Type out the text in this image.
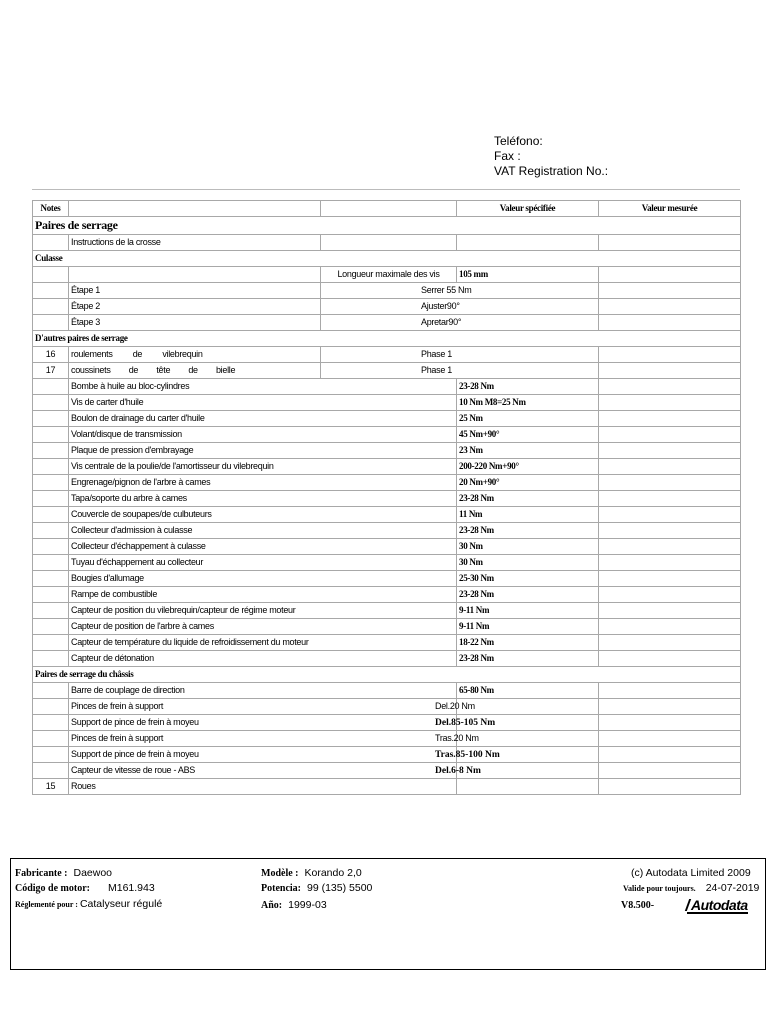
Teléfono:
Fax :
VAT Registration No.:
Notes			Valeur spécifiée	Valeur mesurée
Paires de serrage				
	Instructions de la crosse			
Culasse				
		Longueur maximale des vis	105 mm	
	Étape 1	Serrer 55 Nm		
	Étape 2	Ajuster90°		
	Étape 3	Apretar90°		
D'autres paires de serrage				
16	roulements de vilebrequin	Phase 1		
17	coussinets de tête de bielle	Phase 1		
	Bombe à huile au bloc-cylindres		23-28 Nm	
	Vis de carter d'huile		10 Nm M8=25 Nm	
	Boulon de drainage du carter d'huile		25 Nm	
	Volant/disque de transmission		45 Nm+90°	
	Plaque de pression d'embrayage		23 Nm	
	Vis centrale de la poulie/de l'amortisseur du vilebrequin		200-220 Nm+90°	
	Engrenage/pignon de l'arbre à cames		20 Nm+90°	
	Tapa/soporte du arbre à cames		23-28 Nm	
	Couvercle de soupapes/de culbuteurs		11 Nm	
	Collecteur d'admission à culasse		23-28 Nm	
	Collecteur d'échappement à culasse		30 Nm	
	Tuyau d'échappement au collecteur		30 Nm	
	Bougies d'allumage		25-30 Nm	
	Rampe de combustible		23-28 Nm	
	Capteur de position du vilebrequin/capteur de régime moteur		9-11 Nm	
	Capteur de position de l'arbre à cames		9-11 Nm	
	Capteur de température du liquide de refroidissement du moteur		18-22 Nm	
	Capteur de détonation		23-28 Nm	
Paires de serrage du châssis				
	Barre de couplage de direction		65-80 Nm	
	Pinces de frein à support		Del.20 Nm	
	Support de pince de frein à moyeu		Del.85-105 Nm	
	Pinces de frein à support		Tras.20 Nm	
	Support de pince de frein à moyeu		Tras.85-100 Nm	
	Capteur de vitesse de roue - ABS		Del.6-8 Nm	
15	Roues			
Fabricante : Daewoo
Código de motor: M161.943
Réglementé pour : Catalyseur régulé
Modèle : Korando 2,0
Potencia: 99 (135) 5500
Año: 1999-03
(c) Autodata Limited 2009
Valide pour toujours. 24-07-2019
V8.500-	Autodata
